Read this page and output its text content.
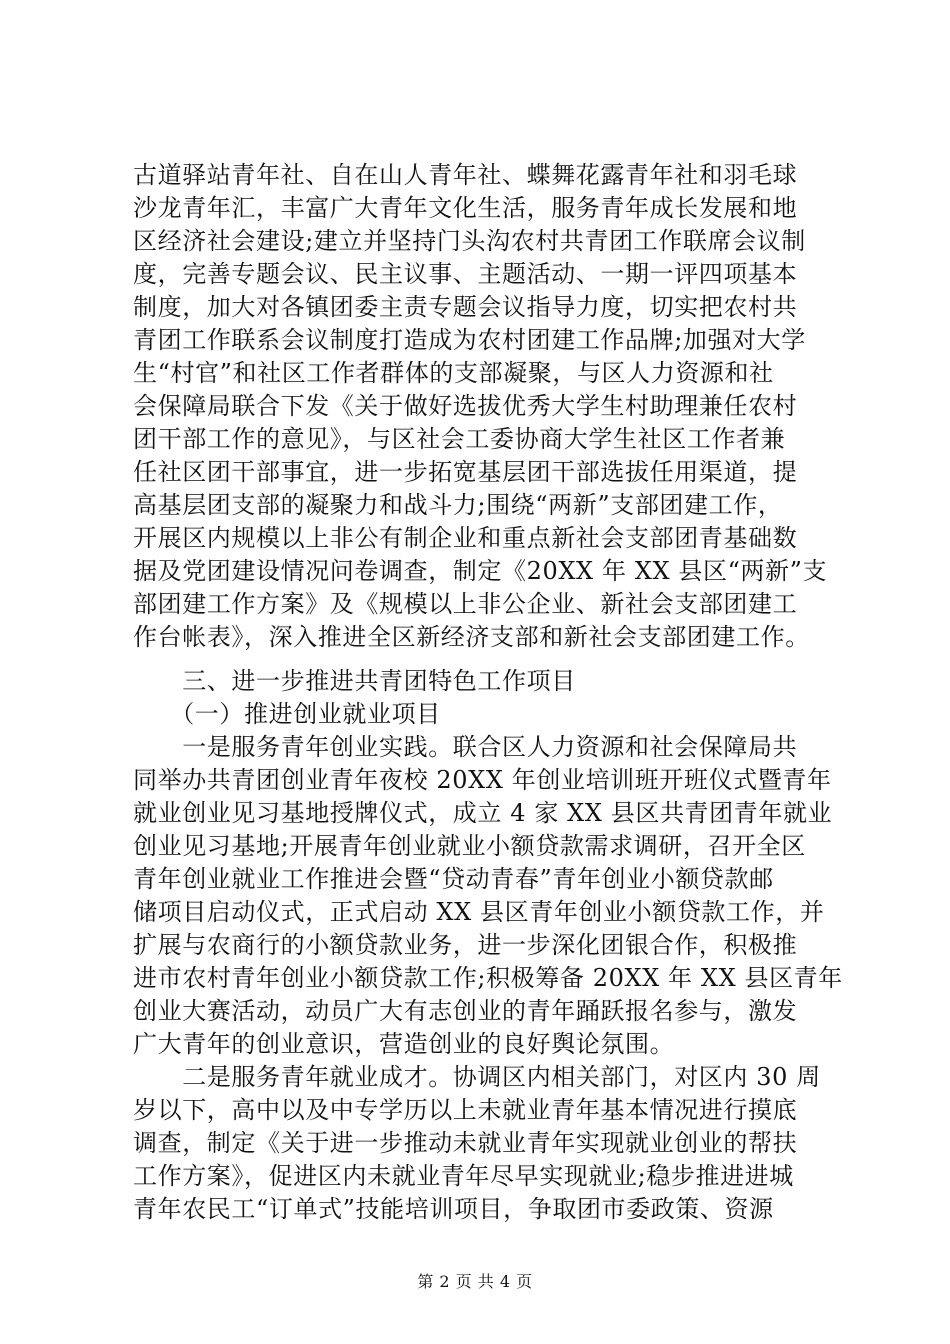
古道驿站青年社、自在山人青年社、蝶舞花露青年社和羽毛球
沙龙青年汇，丰富广大青年文化生活，服务青年成长发展和地
区经济社会建设;建立并坚持门头沟农村共青团工作联席会议制
度，完善专题会议、民主议事、主题活动、一期一评四项基本
制度，加大对各镇团委主责专题会议指导力度，切实把农村共
青团工作联系会议制度打造成为农村团建工作品牌;加强对大学
生“村官”和社区工作者群体的支部凝聚，与区人力资源和社
会保障局联合下发《关于做好选拔优秀大学生村助理兼任农村
团干部工作的意见》，与区社会工委协商大学生社区工作者兼
任社区团干部事宜，进一步拓宽基层团干部选拔任用渠道，提
高基层团支部的凝聚力和战斗力;围绕“两新”支部团建工作，
开展区内规模以上非公有制企业和重点新社会支部团青基础数
据及党团建设情况问卷调查，制定《20XX 年 XX 县区“两新”支
部团建工作方案》及《规模以上非公企业、新社会支部团建工
作台帐表》，深入推进全区新经济支部和新社会支部团建工作。
　　三、进一步推进共青团特色工作项目
　　（一）推进创业就业项目
　　一是服务青年创业实践。联合区人力资源和社会保障局共
同举办共青团创业青年夜校 20XX 年创业培训班开班仪式暨青年
就业创业见习基地授牌仪式，成立 4 家 XX 县区共青团青年就业
创业见习基地;开展青年创业就业小额贷款需求调研，召开全区
青年创业就业工作推进会暨“贷动青春”青年创业小额贷款邮
储项目启动仪式，正式启动 XX 县区青年创业小额贷款工作，并
扩展与农商行的小额贷款业务，进一步深化团银合作，积极推
进市农村青年创业小额贷款工作;积极筹备 20XX 年 XX 县区青年
创业大赛活动，动员广大有志创业的青年踊跃报名参与，激发
广大青年的创业意识，营造创业的良好舆论氛围。
　　二是服务青年就业成才。协调区内相关部门，对区内 30 周
岁以下，高中以及中专学历以上未就业青年基本情况进行摸底
调查，制定《关于进一步推动未就业青年实现就业创业的帮扶
工作方案》，促进区内未就业青年尽早实现就业;稳步推进进城
青年农民工“订单式”技能培训项目，争取团市委政策、资源
第 2 页 共 4 页
